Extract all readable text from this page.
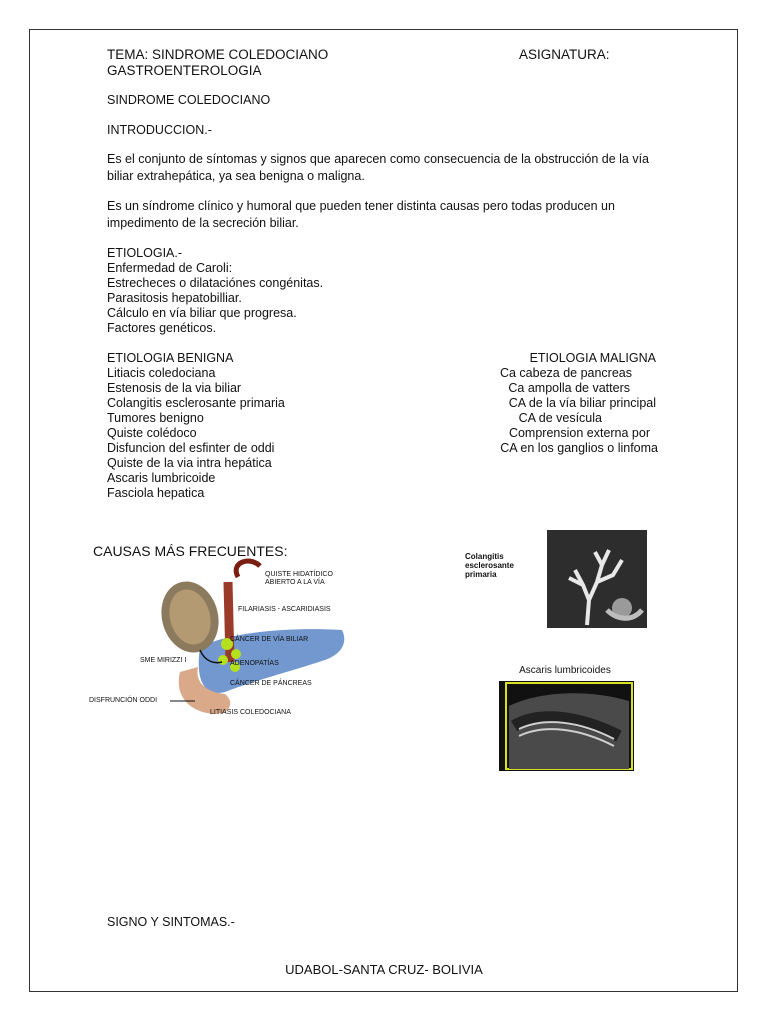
TEMA: SINDROME COLEDOCIANO	ASIGNATURA:
GASTROENTEROLOGIA
SINDROME COLEDOCIANO
INTRODUCCION.-
Es el conjunto de síntomas y signos que aparecen como consecuencia de la obstrucción de la vía biliar extrahepática, ya sea benigna o maligna.
Es un síndrome clínico y humoral que pueden tener distinta causas pero todas producen un impedimento de la secreción biliar.
ETIOLOGIA.-
Enfermedad de Caroli:
Estrecheces o dilataciónes congénitas.
Parasitosis hepatobilliar.
Cálculo en vía biliar que progresa.
Factores genéticos.
ETIOLOGIA BENIGNA
Litiacis coledociana
Estenosis de la via biliar
Colangitis esclerosante primaria
Tumores benigno
Quiste colédoco
Disfuncion del esfinter de oddi
Quiste de la via intra hepática
Ascaris lumbricoide
Fasciola hepatica
ETIOLOGIA MALIGNA
Ca cabeza de pancreas
Ca ampolla de vatters
CA de la vía biliar principal
CA de vesícula
Comprension externa por
CA en los ganglios o linfoma
CAUSAS MÁS FRECUENTES:
QUISTE HIDATÍDICO
ABIERTO A LA VÍA
FILARIASIS - ASCARIDIASIS
CÁNCER DE VÍA BILIAR
SME MIRIZZI I	ADENOPATÍAS
CÁNCER DE PÁNCREAS
DISFRUNCIÓN ODDI
LITIASIS COLEDOCIANA
Colangitis
esclerosante
primaria
Ascaris lumbricoides
SIGNO Y SINTOMAS.-
UDABOL-SANTA CRUZ- BOLIVIA
